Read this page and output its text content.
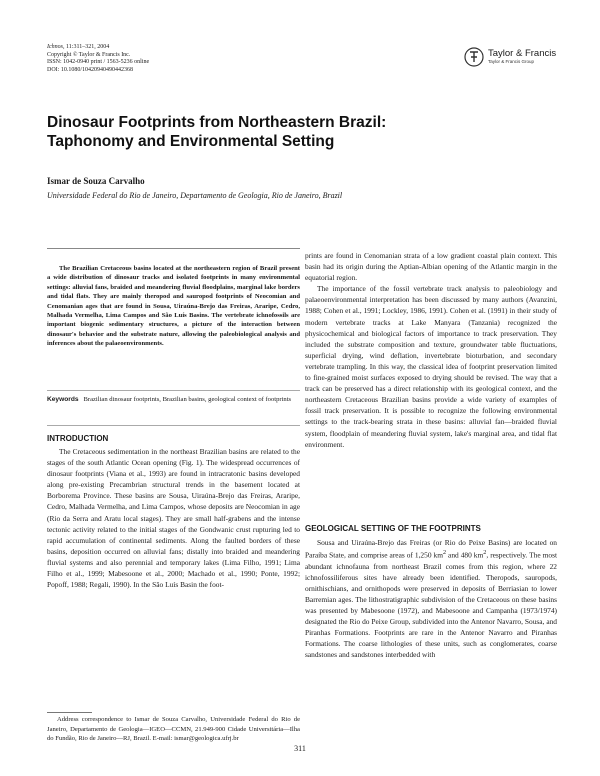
Ichnos, 11:311–321, 2004
Copyright © Taylor & Francis Inc.
ISSN: 1042-0940 print / 1563-5236 online
DOI: 10.1080/10420940490442368
Taylor & Francis
Taylor & Francis Group
Dinosaur Footprints from Northeastern Brazil:
Taphonomy and Environmental Setting
Ismar de Souza Carvalho
Universidade Federal do Rio de Janeiro, Departamento de Geologia, Rio de Janeiro, Brazil
The Brazilian Cretaceous basins located at the northeastern region of Brazil present a wide distribution of dinosaur tracks and isolated footprints in many environmental settings: alluvial fans, braided and meandering fluvial floodplains, marginal lake borders and tidal flats. They are mainly theropod and sauropod footprints of Neocomian and Cenomanian ages that are found in Sousa, Uiraúna-Brejo das Freiras, Araripe, Cedro, Malhada Vermelha, Lima Campos and São Luís Basins. The vertebrate ichnofossils are important biogenic sedimentary structures, a picture of the interaction between dinosaur's behavior and the substrate nature, allowing the paleobiological analysis and inferences about the palaeoenvironments.
Keywords Brazilian dinosaur footprints, Brazilian basins, geological context of footprints
INTRODUCTION

The Cretaceous sedimentation in the northeast Brazilian basins are related to the stages of the south Atlantic Ocean opening (Fig. 1). The widespread occurrences of dinosaur footprints (Viana et al., 1993) are found in intracratonic basins developed along pre-existing Precambrian structural trends in the basement located at Borborema Province. These basins are Sousa, Uiraúna-Brejo das Freiras, Araripe, Cedro, Malhada Vermelha, and Lima Campos, whose deposits are Neocomian in age (Rio da Serra and Aratu local stages). They are small half-grabens and the intense tectonic activity related to the initial stages of the Gondwanic crust rupturing led to rapid accumulation of continental sediments. Along the faulted borders of these basins, deposition occurred on alluvial fans; distally into braided and meandering fluvial systems and also perennial and temporary lakes (Lima Filho, 1991; Lima Filho et al., 1999; Mabesoone et al., 2000; Machado et al., 1990; Ponte, 1992; Popoff, 1988; Regali, 1990). In the São Luís Basin the foot-

prints are found in Cenomanian strata of a low gradient coastal plain context. This basin had its origin during the Aptian-Albian opening of the Atlantic margin in the equatorial region.

The importance of the fossil vertebrate track analysis to paleobiology and palaeoenvironmental interpretation has been discussed by many authors (Avanzini, 1988; Cohen et al., 1991; Lockley, 1986, 1991). Cohen et al. (1991) in their study of modern vertebrate tracks at Lake Manyara (Tanzania) recognized the physicochemical and biological factors of importance to track preservation. They included the substrate composition and texture, groundwater table fluctuations, superficial drying, wind deflation, invertebrate bioturbation, and secondary vertebrate trampling. In this way, the classical idea of footprint preservation limited to fine-grained moist surfaces exposed to drying should be revised. The way that a track can be preserved has a direct relationship with its geological context, and the northeastern Cretaceous Brazilian basins provide a wide variety of examples of fossil track preservation. It is possible to recognize the following environmental settings to the track-bearing strata in these basins: alluvial fan—braided fluvial system, floodplain of meandering fluvial system, lake's marginal area, and tidal flat environment.

GEOLOGICAL SETTING OF THE FOOTPRINTS

Sousa and Uiraúna-Brejo das Freiras (or Rio do Peixe Basins) are located on Paraíba State, and comprise areas of 1,250 $km^2$ and 480 $km^2$, respectively. The most abundant ichnofauna from northeast Brazil comes from this region, where 22 ichnofossiliferous sites have already been identified. Theropods, sauropods, ornithischians, and ornithopods were preserved in deposits of Berriasian to lower Barremian ages. The lithostratigraphic subdivision of the Cretaceous on these basins was presented by Mabesoone (1972), and Mabesoone and Campanha (1973/1974) designated the Rio do Peixe Group, subdivided into the Antenor Navarro, Sousa, and Piranhas Formations. Footprints are rare in the Antenor Navarro and Piranhas Formations. The coarse lithologies of these units, such as conglomerates, coarse sandstones and sandstones interbedded with

Address correspondence to Ismar de Souza Carvalho, Universidade Federal do Rio de Janeiro, Departamento de Geologia—IGEO—CCMN, 21.949-900 Cidade Universitária—Ilha do Fundão, Rio de Janeiro—RJ, Brazil. E-mail: ismar@geologica.ufrj.br
311
